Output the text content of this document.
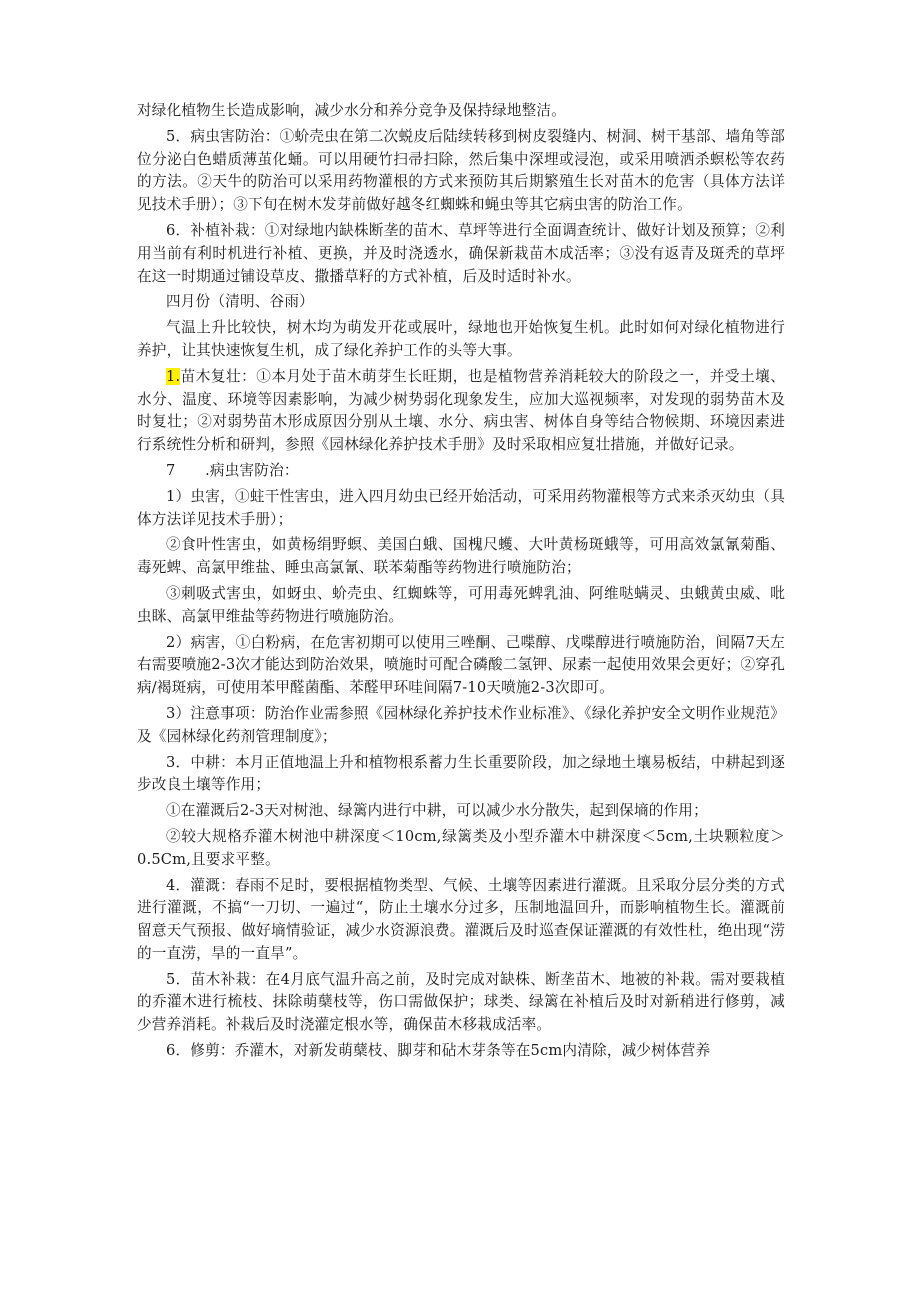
对绿化植物生长造成影响，减少水分和养分竞争及保持绿地整洁。

5．病虫害防治：①蚧壳虫在第二次蜕皮后陆续转移到树皮裂缝内、树洞、树干基部、墙角等部位分泌白色蜡质薄茧化蛹。可以用硬竹扫帚扫除，然后集中深埋或浸泡，或采用喷洒杀螟松等农药的方法。②天牛的防治可以采用药物灌根的方式来预防其后期繁殖生长对苗木的危害（具体方法详见技术手册）；③下旬在树木发芽前做好越冬红蜘蛛和蝇虫等其它病虫害的防治工作。

6．补植补栽：①对绿地内缺株断垄的苗木、草坪等进行全面调查统计、做好计划及预算；②利用当前有利时机进行补植、更换，并及时浇透水，确保新栽苗木成活率；③没有返青及斑秃的草坪在这一时期通过铺设草皮、撒播草籽的方式补植，后及时适时补水。

四月份（清明、谷雨）

气温上升比较快，树木均为萌发开花或展叶，绿地也开始恢复生机。此时如何对绿化植物进行养护，让其快速恢复生机，成了绿化养护工作的头等大事。

1.苗木复壮：①本月处于苗木萌芽生长旺期，也是植物营养消耗较大的阶段之一，并受土壤、水分、温度、环境等因素影响，为减少树势弱化现象发生，应加大巡视频率，对发现的弱势苗木及时复壮；②对弱势苗木形成原因分别从土壤、水分、病虫害、树体自身等结合物候期、环境因素进行系统性分析和研判，参照《园林绿化养护技术手册》及时采取相应复壮措施，并做好记录。

7　　.病虫害防治：

1）虫害，①蛀干性害虫，进入四月幼虫已经开始活动，可采用药物灌根等方式来杀灭幼虫（具体方法详见技术手册）；

②食叶性害虫，如黄杨绢野螟、美国白蛾、国槐尺蠖、大叶黄杨斑蛾等，可用高效氯氰菊酯、毒死蜱、高氯甲维盐、睡虫高氯氰、联苯菊酯等药物进行喷施防治；

③刺吸式害虫，如蚜虫、蚧壳虫、红蜘蛛等，可用毒死蜱乳油、阿维哒螨灵、虫蛾黄虫威、吡虫眯、高氯甲维盐等药物进行喷施防治。

2）病害，①白粉病，在危害初期可以使用三唑酮、己喋醇、戊喋醇进行喷施防治，间隔7天左右需要喷施2-3次才能达到防治效果，喷施时可配合磷酸二氢钾、尿素一起使用效果会更好；②穿孔病/褐斑病，可使用苯甲醛菌酯、苯醛甲环哇间隔7-10天喷施2-3次即可。

3）注意事项：防治作业需参照《园林绿化养护技术作业标准》、《绿化养护安全文明作业规范》及《园林绿化药剂管理制度》；

3．中耕：本月正值地温上升和植物根系蓄力生长重要阶段，加之绿地土壤易板结，中耕起到逐步改良土壤等作用；

①在灌溉后2-3天对树池、绿篱内进行中耕，可以减少水分散失，起到保墒的作用；

②较大规格乔灌木树池中耕深度＜10cm,绿篱类及小型乔灌木中耕深度＜5cm,土块颗粒度＞0.5Cm,且要求平整。

4．灌溉：春雨不足时，要根据植物类型、气候、土壤等因素进行灌溉。且采取分层分类的方式进行灌溉，不搞“一刀切、一遍过“，防止土壤水分过多，压制地温回升，而影响植物生长。灌溉前留意天气预报、做好墒情验证，减少水资源浪费。灌溉后及时巡查保证灌溉的有效性杜，绝出现“涝的一直涝，旱的一直旱”。

5．苗木补栽：在4月底气温升高之前，及时完成对缺株、断垄苗木、地被的补栽。需对要栽植的乔灌木进行梳枝、抹除萌蘖枝等，伤口需做保护；球类、绿篱在补植后及时对新稍进行修剪，减少营养消耗。补栽后及时浇灌定根水等，确保苗木移栽成活率。

6．修剪：乔灌木，对新发萌蘖枝、脚芽和砧木芽条等在5cm内清除，减少树体营养
